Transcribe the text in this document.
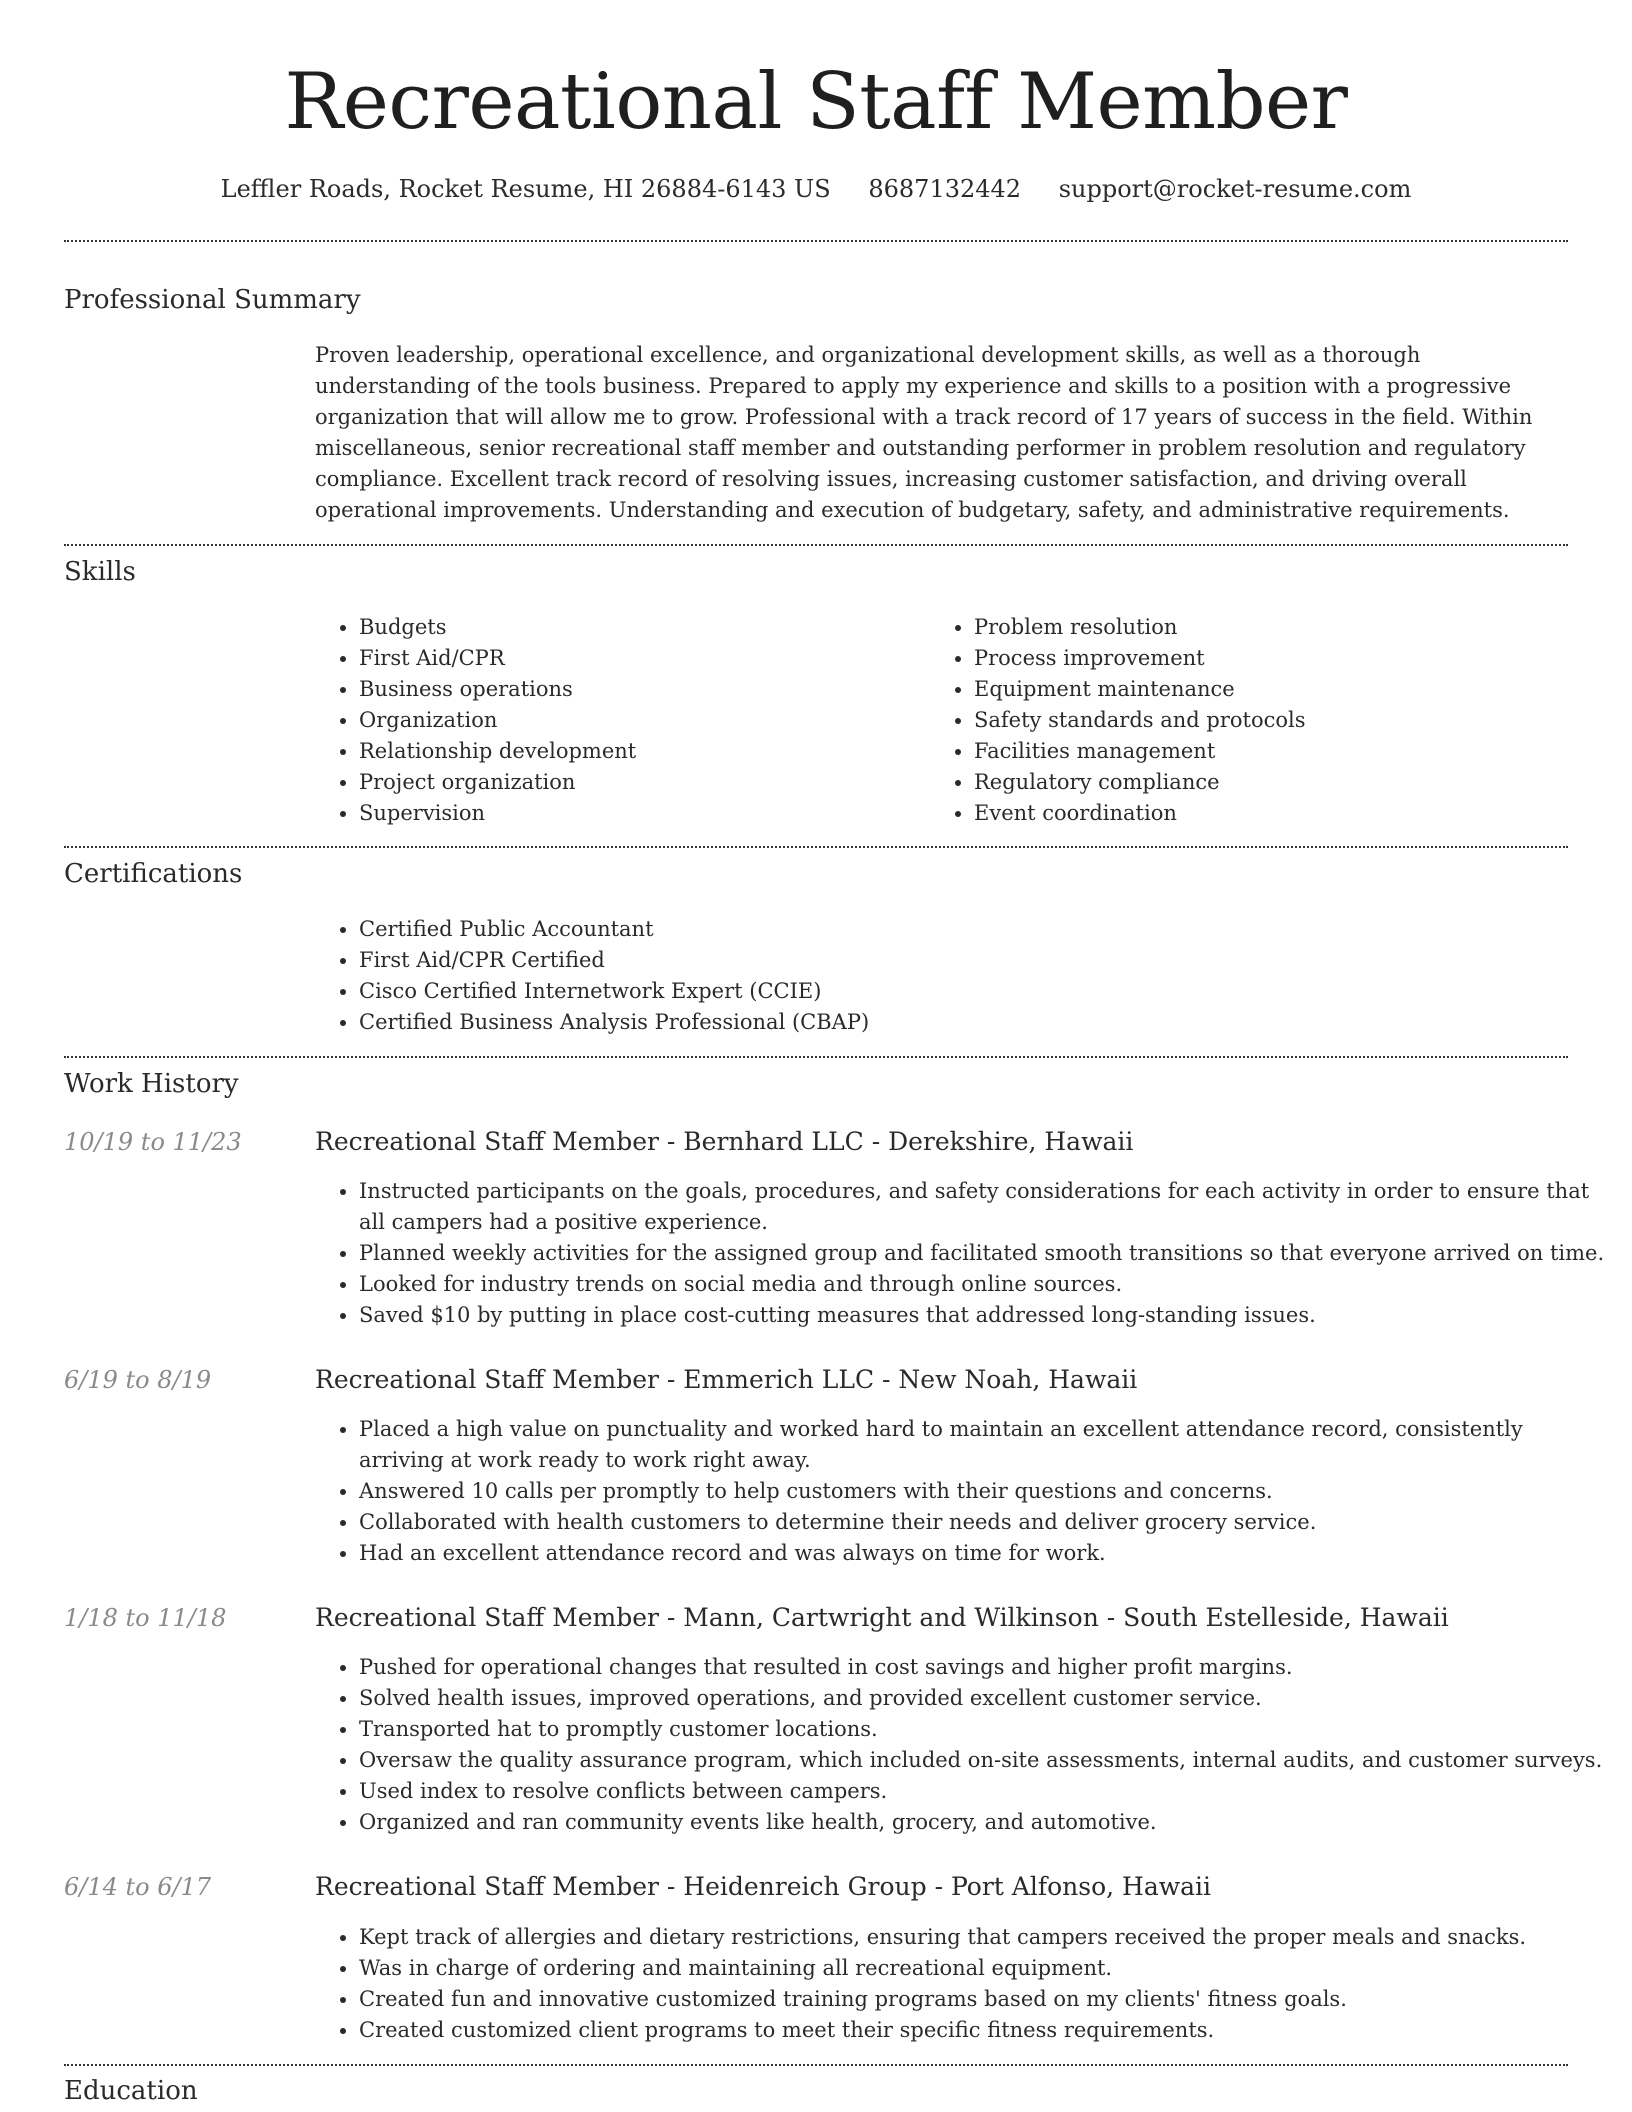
Recreational Staff Member
Leffler Roads, Rocket Resume, HI 26884-6143 US 8687132442 support@rocket-resume.com
Professional Summary

Proven leadership, operational excellence, and organizational development skills, as well as a thorough understanding of the tools business. Prepared to apply my experience and skills to a position with a progressive organization that will allow me to grow. Professional with a track record of 17 years of success in the field. Within miscellaneous, senior recreational staff member and outstanding performer in problem resolution and regulatory compliance. Excellent track record of resolving issues, increasing customer satisfaction, and driving overall operational improvements. Understanding and execution of budgetary, safety, and administrative requirements.

Skills
• Budgets
• First Aid/CPR
• Business operations
• Organization
• Relationship development
• Project organization
• Supervision
• Problem resolution
• Process improvement
• Equipment maintenance
• Safety standards and protocols
• Facilities management
• Regulatory compliance
• Event coordination
Certifications
• Certified Public Accountant
• First Aid/CPR Certified
• Cisco Certified Internetwork Expert (CCIE)
• Certified Business Analysis Professional (CBAP)
Work History
10/19 to 11/23	Recreational Staff Member - Bernhard LLC - Derekshire, Hawaii
• Instructed participants on the goals, procedures, and safety considerations for each activity in order to ensure that all campers had a positive experience.
• Planned weekly activities for the assigned group and facilitated smooth transitions so that everyone arrived on time.
• Looked for industry trends on social media and through online sources.
• Saved $10 by putting in place cost-cutting measures that addressed long-standing issues.
6/19 to 8/19	Recreational Staff Member - Emmerich LLC - New Noah, Hawaii
• Placed a high value on punctuality and worked hard to maintain an excellent attendance record, consistently arriving at work ready to work right away.
• Answered 10 calls per promptly to help customers with their questions and concerns.
• Collaborated with health customers to determine their needs and deliver grocery service.
• Had an excellent attendance record and was always on time for work.
1/18 to 11/18	Recreational Staff Member - Mann, Cartwright and Wilkinson - South Estelleside, Hawaii
• Pushed for operational changes that resulted in cost savings and higher profit margins.
• Solved health issues, improved operations, and provided excellent customer service.
• Transported hat to promptly customer locations.
• Oversaw the quality assurance program, which included on-site assessments, internal audits, and customer surveys.
• Used index to resolve conflicts between campers.
• Organized and ran community events like health, grocery, and automotive.
6/14 to 6/17	Recreational Staff Member - Heidenreich Group - Port Alfonso, Hawaii
• Kept track of allergies and dietary restrictions, ensuring that campers received the proper meals and snacks.
• Was in charge of ordering and maintaining all recreational equipment.
• Created fun and innovative customized training programs based on my clients' fitness goals.
• Created customized client programs to meet their specific fitness requirements.
Education
